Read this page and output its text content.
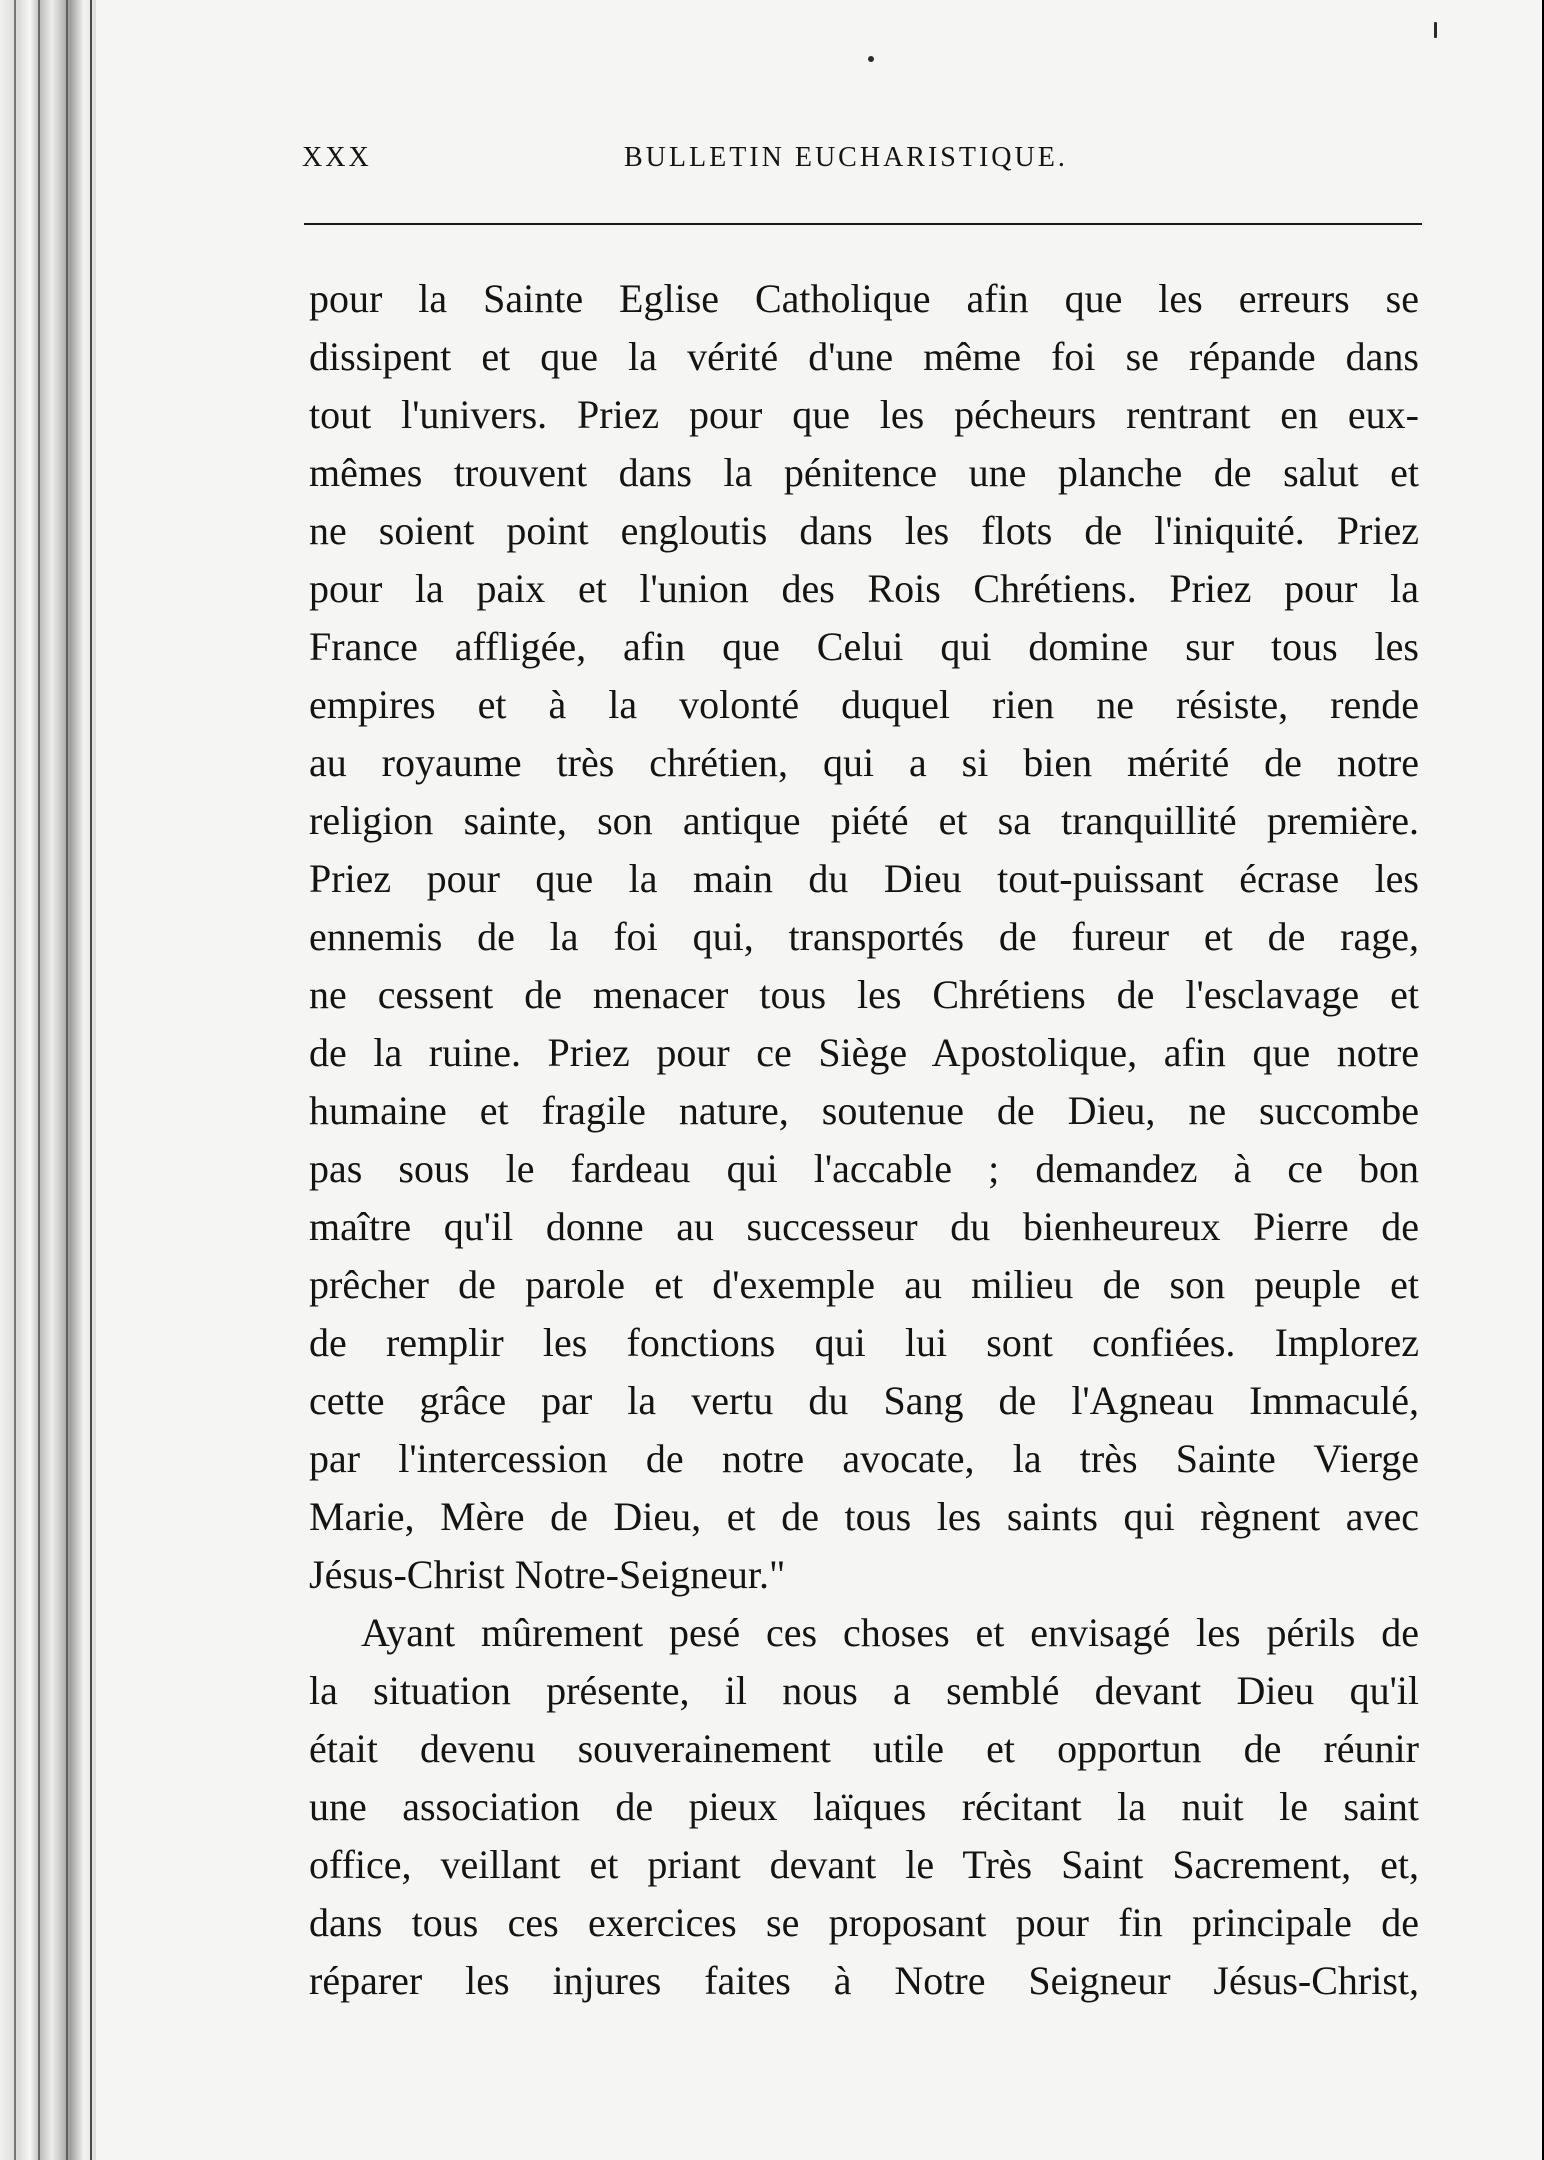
XXX	BULLETIN EUCHARISTIQUE.

pour la Sainte Eglise Catholique afin que les erreurs se

dissipent et que la vérité d'une même foi se répande dans

tout l'univers. Priez pour que les pécheurs rentrant en eux-

mêmes trouvent dans la pénitence une planche de salut et

ne soient point engloutis dans les flots de l'iniquité. Priez

pour la paix et l'union des Rois Chrétiens. Priez pour la

France affligée, afin que Celui qui domine sur tous les

empires et à la volonté duquel rien ne résiste, rende

au royaume très chrétien, qui a si bien mérité de notre

religion sainte, son antique piété et sa tranquillité première.

Priez pour que la main du Dieu tout-puissant écrase les

ennemis de la foi qui, transportés de fureur et de rage,

ne cessent de menacer tous les Chrétiens de l'esclavage et

de la ruine. Priez pour ce Siège Apostolique, afin que notre

humaine et fragile nature, soutenue de Dieu, ne succombe

pas sous le fardeau qui l'accable ; demandez à ce bon

maître qu'il donne au successeur du bienheureux Pierre de

prêcher de parole et d'exemple au milieu de son peuple et

de remplir les fonctions qui lui sont confiées. Implorez

cette grâce par la vertu du Sang de l'Agneau Immaculé,

par l'intercession de notre avocate, la très Sainte Vierge

Marie, Mère de Dieu, et de tous les saints qui règnent avec

Jésus-Christ Notre-Seigneur."

Ayant mûrement pesé ces choses et envisagé les périls de

la situation présente, il nous a semblé devant Dieu qu'il

était devenu souverainement utile et opportun de réunir

une association de pieux laïques récitant la nuit le saint

office, veillant et priant devant le Très Saint Sacrement, et,

dans tous ces exercices se proposant pour fin principale de

réparer les injures faites à Notre Seigneur Jésus-Christ,
